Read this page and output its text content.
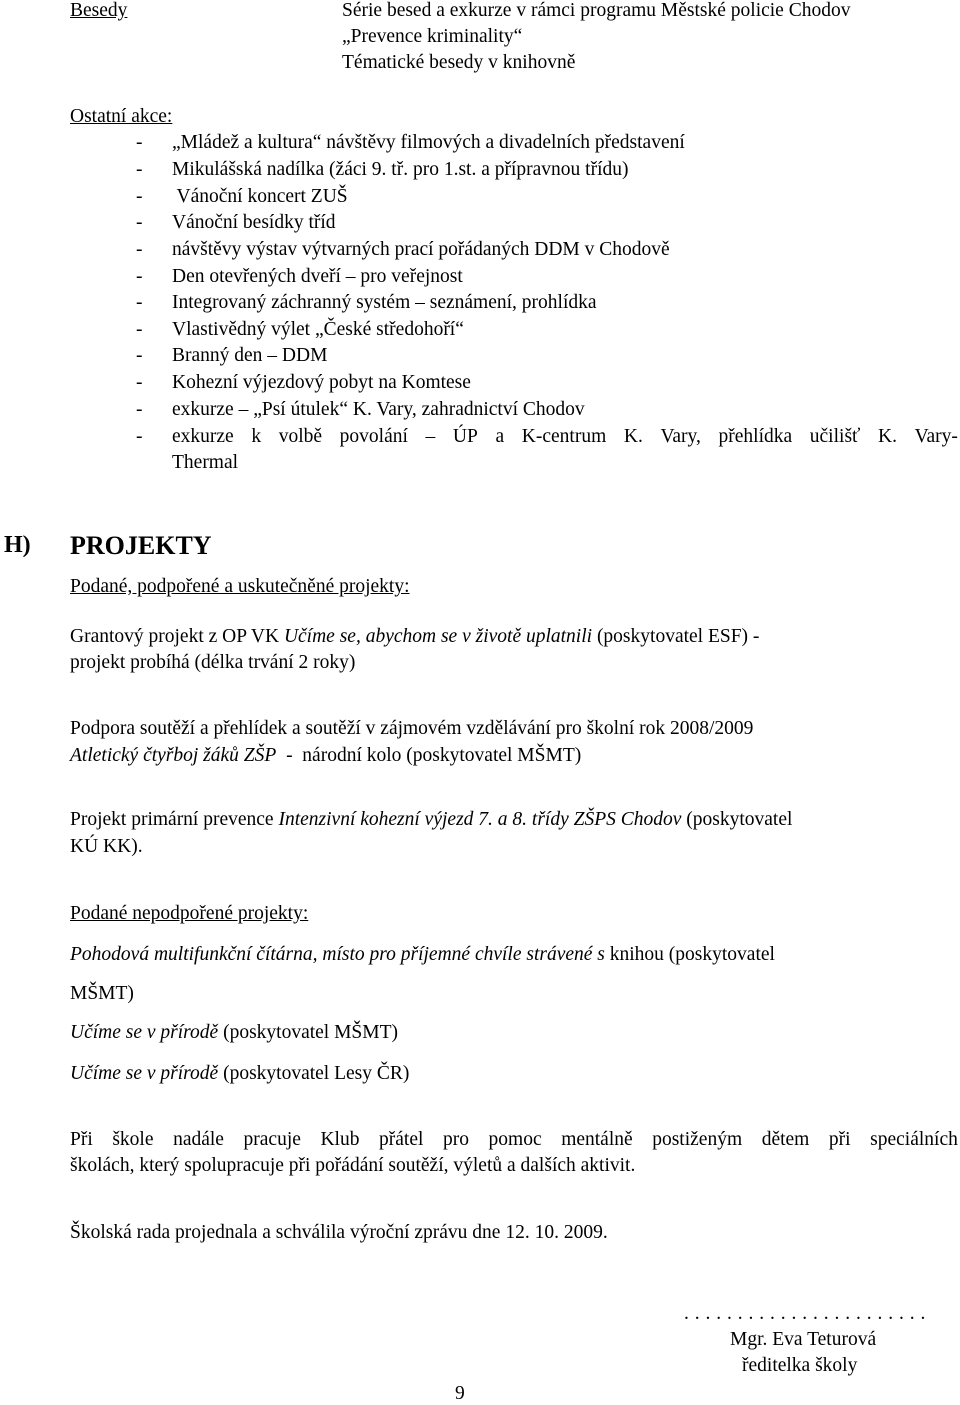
Besedy	Série besed a exkurze v rámci programu Městské policie Chodov
„Prevence kriminality“
Tématické besedy v knihovně
Ostatní akce:
- „Mládež a kultura“ návštěvy filmových a divadelních představení
- Mikulášská nadílka (žáci 9. tř. pro 1.st. a přípravnou třídu)
- Vánoční koncert ZUŠ
- Vánoční besídky tříd
- návštěvy výstav výtvarných prací pořádaných DDM v Chodově
- Den otevřených dveří – pro veřejnost
- Integrovaný záchranný systém – seznámení, prohlídka
- Vlastivědný výlet „České středohoří“
- Branný den – DDM
- Kohezní výjezdový pobyt na Komtese
- exkurze – „Psí útulek“ K. Vary, zahradnictví Chodov
- exkurze k volbě povolání – ÚP a K-centrum K. Vary, přehlídka učilišť K. Vary-
Thermal
H) PROJEKTY
Podané, podpořené a uskutečněné projekty:
Grantový projekt z OP VK Učíme se, abychom se v životě uplatnili (poskytovatel ESF) -
projekt probíhá (délka trvání 2 roky)
Podpora soutěží a přehlídek a soutěží v zájmovém vzdělávání pro školní rok 2008/2009
Atletický čtyřboj žáků ZŠP  -  národní kolo (poskytovatel MŠMT)
Projekt primární prevence Intenzivní kohezní výjezd 7. a 8. třídy ZŠPS Chodov (poskytovatel
KÚ KK).
Podané nepodpořené projekty:
Pohodová multifunkční čítárna, místo pro příjemné chvíle strávené s knihou (poskytovatel
MŠMT)
Učíme se v přírodě (poskytovatel MŠMT)
Učíme se v přírodě (poskytovatel Lesy ČR)
Při škole nadále pracuje Klub přátel pro pomoc mentálně postiženým dětem při speciálních
školách, který spolupracuje při pořádání soutěží, výletů a dalších aktivit.
Školská rada projednala a schválila výroční zprávu dne 12. 10. 2009.
. . . . . . . . . . . . . . . . . . . . . . .
Mgr. Eva Teturová
ředitelka školy
9
